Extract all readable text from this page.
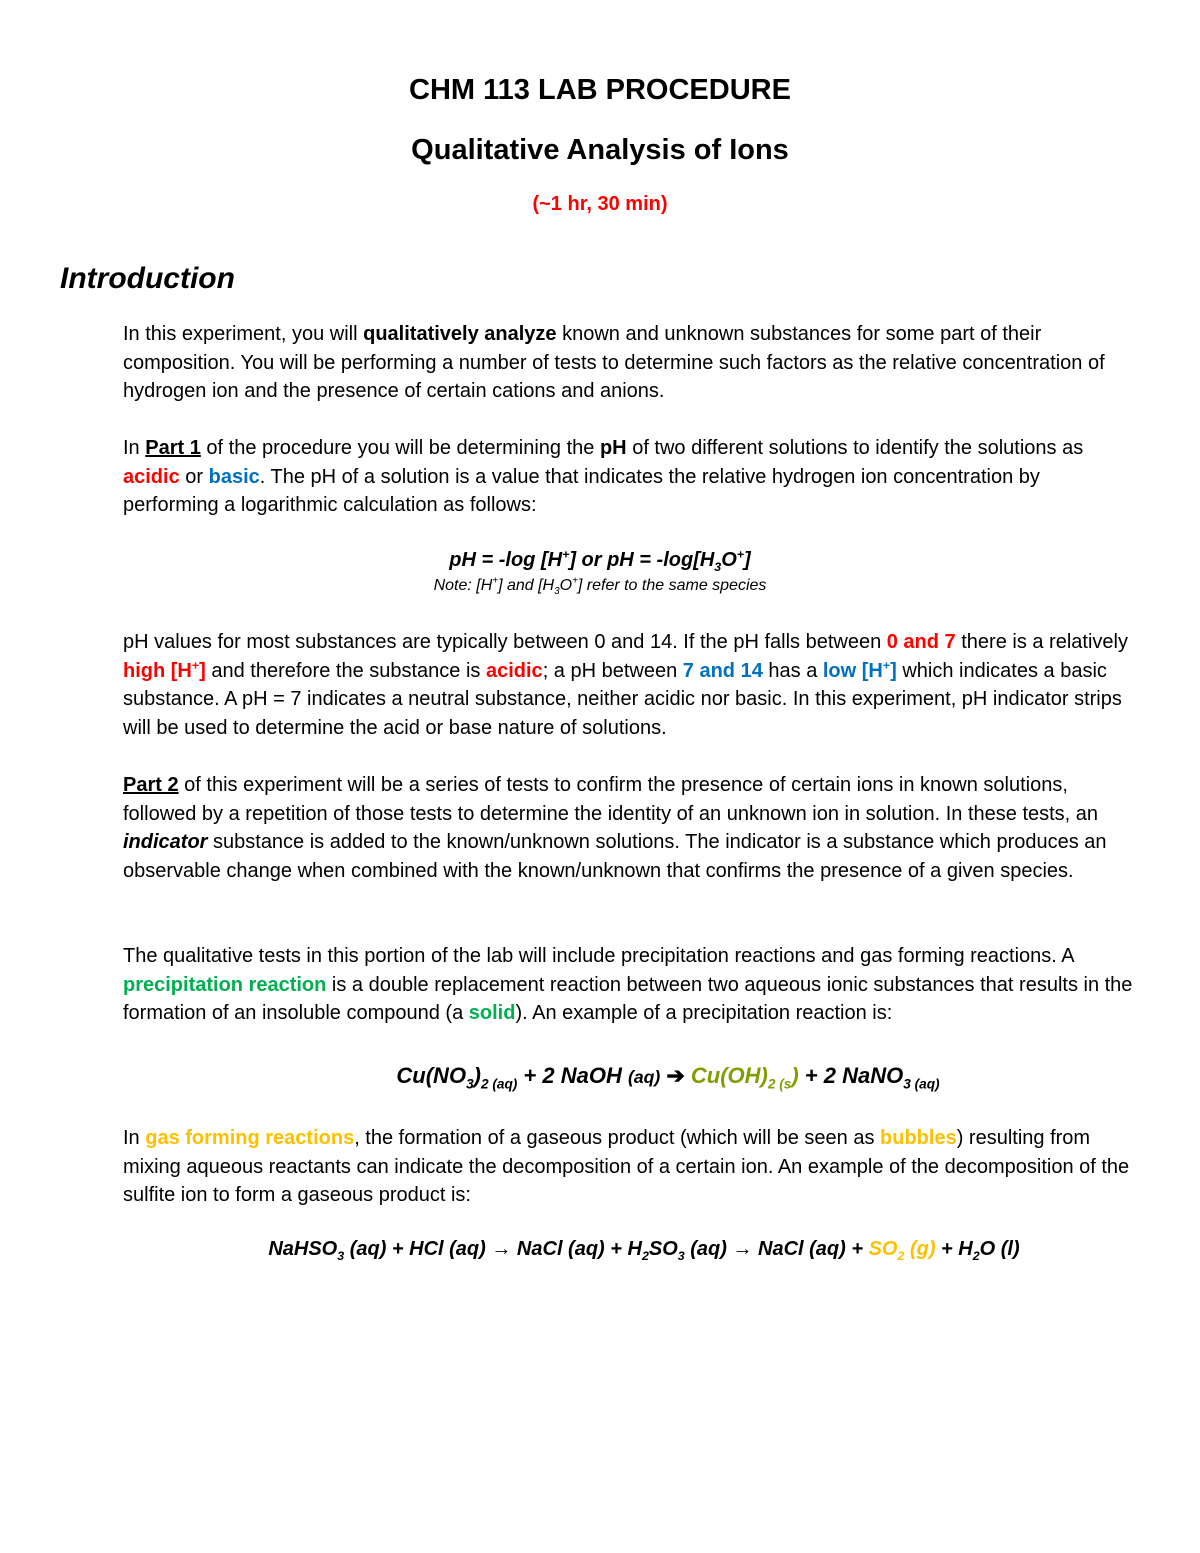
CHM 113 LAB PROCEDURE
Qualitative Analysis of Ions
(~1 hr, 30 min)
Introduction

In this experiment, you will qualitatively analyze known and unknown substances for some part of their composition. You will be performing a number of tests to determine such factors as the relative concentration of hydrogen ion and the presence of certain cations and anions.

In Part 1 of the procedure you will be determining the pH of two different solutions to identify the solutions as acidic or basic. The pH of a solution is a value that indicates the relative hydrogen ion concentration by performing a logarithmic calculation as follows:

pH = -log [H+] or pH = $-\log[H_3O^+]$
Note: [H+] and $[H_3O^+]$ refer to the same species

pH values for most substances are typically between 0 and 14. If the pH falls between 0 and 7 there is a relatively high [H+] and therefore the substance is acidic; a pH between 7 and 14 has a low [H+] which indicates a basic substance. A pH = 7 indicates a neutral substance, neither acidic nor basic. In this experiment, pH indicator strips will be used to determine the acid or base nature of solutions.

Part 2 of this experiment will be a series of tests to confirm the presence of certain ions in known solutions, followed by a repetition of those tests to determine the identity of an unknown ion in solution. In these tests, an indicator substance is added to the known/unknown solutions. The indicator is a substance which produces an observable change when combined with the known/unknown that confirms the presence of a given species.

The qualitative tests in this portion of the lab will include precipitation reactions and gas forming reactions. A precipitation reaction is a double replacement reaction between two aqueous ionic substances that results in the formation of an insoluble compound (a solid). An example of a precipitation reaction is:

$Cu(NO_3)_{2 (aq)} + 2$ NaOH (aq) ➔ $Cu(OH)_{2 (s}) + 2$ NaNO$_{3 (aq)}$

In gas forming reactions, the formation of a gaseous product (which will be seen as bubbles) resulting from mixing aqueous reactants can indicate the decomposition of a certain ion. An example of the decomposition of the sulfite ion to form a gaseous product is:

NaHSO$_3$ (aq) + HCl (aq) → NaCl $(aq) + H_2SO_3$ (aq) → NaCl $(aq) + SO_2$ $(g) + H_2O$ (l)
